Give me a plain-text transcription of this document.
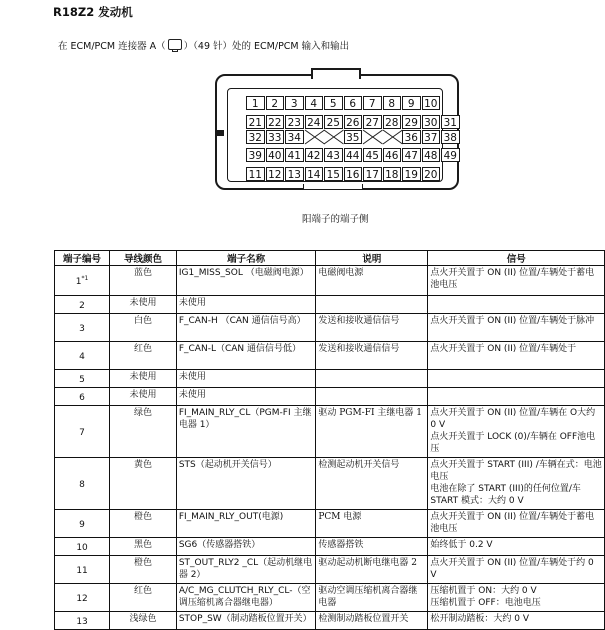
R18Z2 发动机
在 ECM/PCM 连接器 A（ ）（49 针）处的 ECM/PCM 输入和输出
1	2	3	4	5	6	7	8	9 10
21 22 23 24 25 26 27 28 29 30 31
32 33 34	35	36 37 38
39 40 41 42 43 44 45 46 47 48 49
11 12 13 14 15 16 17 18 19 20
阳端子的端子侧
端子编号	导线颜色	端子名称	说明	信号
1$^{*1}$	蓝色	IG1_MISS_SOL （电磁阀电源）	电磁阀电源	点火开关置于 ON (II) 位置/车辆处于蓄电池电压
2	未使用	未使用		
3	白色	F_CAN-H （CAN 通信信号高）	发送和接收通信信号	点火开关置于 ON (II) 位置/车辆处于脉冲
4	红色	F_CAN-L（CAN 通信信号低）	发送和接收通信信号	点火开关置于 ON (II) 位置/车辆处于
5	未使用	未使用		
6	未使用	未使用		
7	绿色	FI_MAIN_RLY_CL（PGM-FI 主继电器 1）	驱动 PGM-FI 主继电器 1	点火开关置于 ON (II) 位置/车辆在 O大约 0 V
点火开关置于 LOCK (0)/车辆在 OFF池电压
8	黄色	STS（起动机开关信号）	检测起动机开关信号	点火开关置于 START (III) /车辆在式：电池电压
电池在除了 START (III)的任何位置/车START 模式：大约 0 V
9	橙色	FI_MAIN_RLY_OUT(电源)	PCM 电源	点火开关置于 ON (II) 位置/车辆处于蓄电池电压
10	黑色	SG6（传感器搭铁）	传感器搭铁	始终低于 0.2 V
11	橙色	ST_OUT_RLY2 _CL（起动机继电器 2）	驱动起动机断电继电器 2	点火开关置于 ON (II) 位置/车辆处于约 0 V
12	红色	A/C_MG_CLUTCH_RLY_CL-（空调压缩机离合器继电器）	驱动空调压缩机离合器继电器	压缩机置于 ON：大约 0 V
压缩机置于 OFF：电池电压
13	浅绿色	STOP_SW（制动踏板位置开关）	检测制动踏板位置开关	松开制动踏板：大约 0 V
